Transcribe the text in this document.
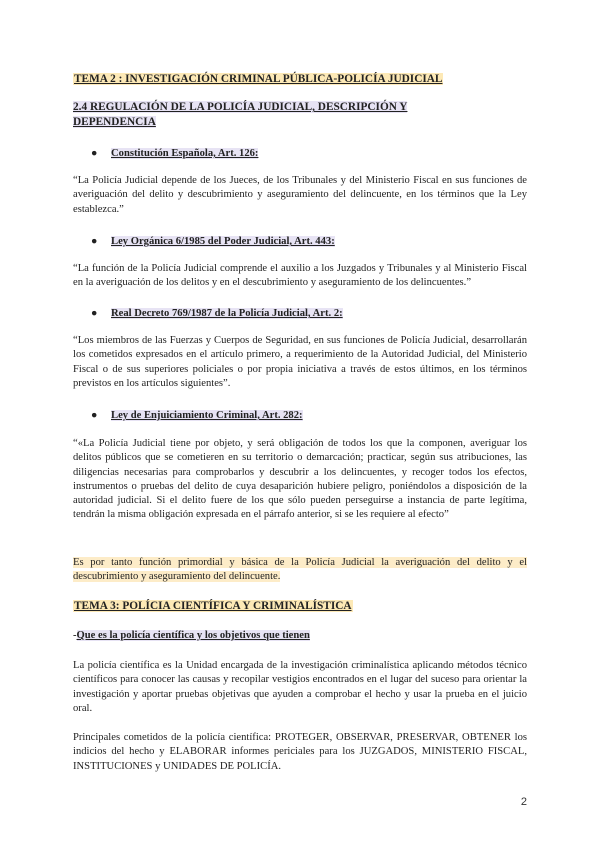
TEMA 2 : INVESTIGACIÓN CRIMINAL PÚBLICA-POLICÍA JUDICIAL
2.4 REGULACIÓN DE LA POLICÍA JUDICIAL, DESCRIPCIÓN Y DEPENDENCIA
● Constitución Española, Art. 126:
“La Policía Judicial depende de los Jueces, de los Tribunales y del Ministerio Fiscal en sus funciones de averiguación del delito y descubrimiento y aseguramiento del delincuente, en los términos que la Ley establezca.”
● Ley Orgánica 6/1985 del Poder Judicial, Art. 443:
“La función de la Policía Judicial comprende el auxilio a los Juzgados y Tribunales y al Ministerio Fiscal en la averiguación de los delitos y en el descubrimiento y aseguramiento de los delincuentes.”
● Real Decreto 769/1987 de la Policía Judicial, Art. 2:
“Los miembros de las Fuerzas y Cuerpos de Seguridad, en sus funciones de Policía Judicial, desarrollarán los cometidos expresados en el artículo primero, a requerimiento de la Autoridad Judicial, del Ministerio Fiscal o de sus superiores policiales o por propia iniciativa a través de estos últimos, en los términos previstos en los artículos siguientes”.
● Ley de Enjuiciamiento Criminal, Art. 282:
“«La Policía Judicial tiene por objeto, y será obligación de todos los que la componen, averiguar los delitos públicos que se cometieren en su territorio o demarcación; practicar, según sus atribuciones, las diligencias necesarias para comprobarlos y descubrir a los delincuentes, y recoger todos los efectos, instrumentos o pruebas del delito de cuya desaparición hubiere peligro, poniéndolos a disposición de la autoridad judicial. Si el delito fuere de los que sólo pueden perseguirse a instancia de parte legítima, tendrán la misma obligación expresada en el párrafo anterior, si se les requiere al efecto”
Es por tanto función primordial y básica de la Policía Judicial la averiguación del delito y el descubrimiento y aseguramiento del delincuente.
TEMA 3: POLÍCIA CIENTÍFICA Y CRIMINALÍSTICA
-Que es la policía científica y los objetivos que tienen
La policía científica es la Unidad encargada de la investigación criminalística aplicando métodos técnico científicos para conocer las causas y recopilar vestigios encontrados en el lugar del suceso para orientar la investigación y aportar pruebas objetivas que ayuden a comprobar el hecho y usar la prueba en el juicio oral.
Principales cometidos de la policía científica: PROTEGER, OBSERVAR, PRESERVAR, OBTENER los indicios del hecho y ELABORAR informes periciales para los JUZGADOS, MINISTERIO FISCAL, INSTITUCIONES y UNIDADES DE POLICÍA.
2
